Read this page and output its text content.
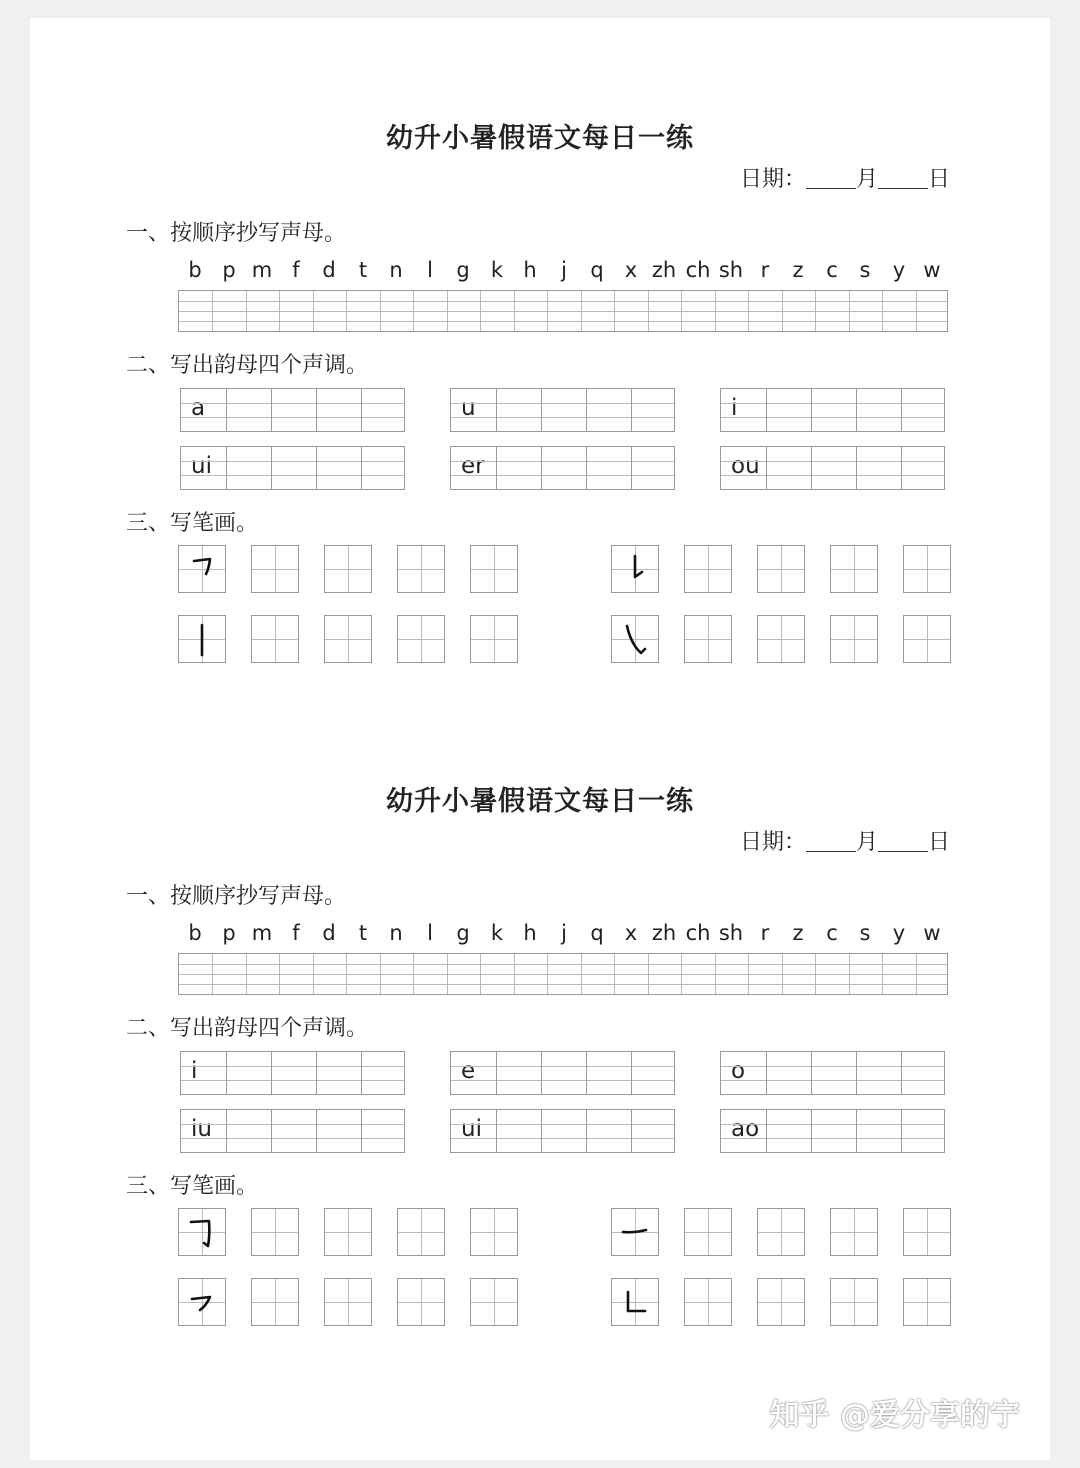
幼升小暑假语文每日一练
日期： 月 日
一、按顺序抄写声母。
b p m f	d	t	n	l	g	k h	j	q	x zh ch sh r	z	c	s	y w
二、写出韵母四个声调。
a	u	i
ui	er	ou
三、写笔画。
幼升小暑假语文每日一练
日期： 月 日
一、按顺序抄写声母。
b p m f	d	t	n	l	g	k h	j	q	x zh ch sh r	z	c	s	y w
二、写出韵母四个声调。
i	e	o
iu	ui	ao
三、写笔画。
知乎 @爱分享的宁
